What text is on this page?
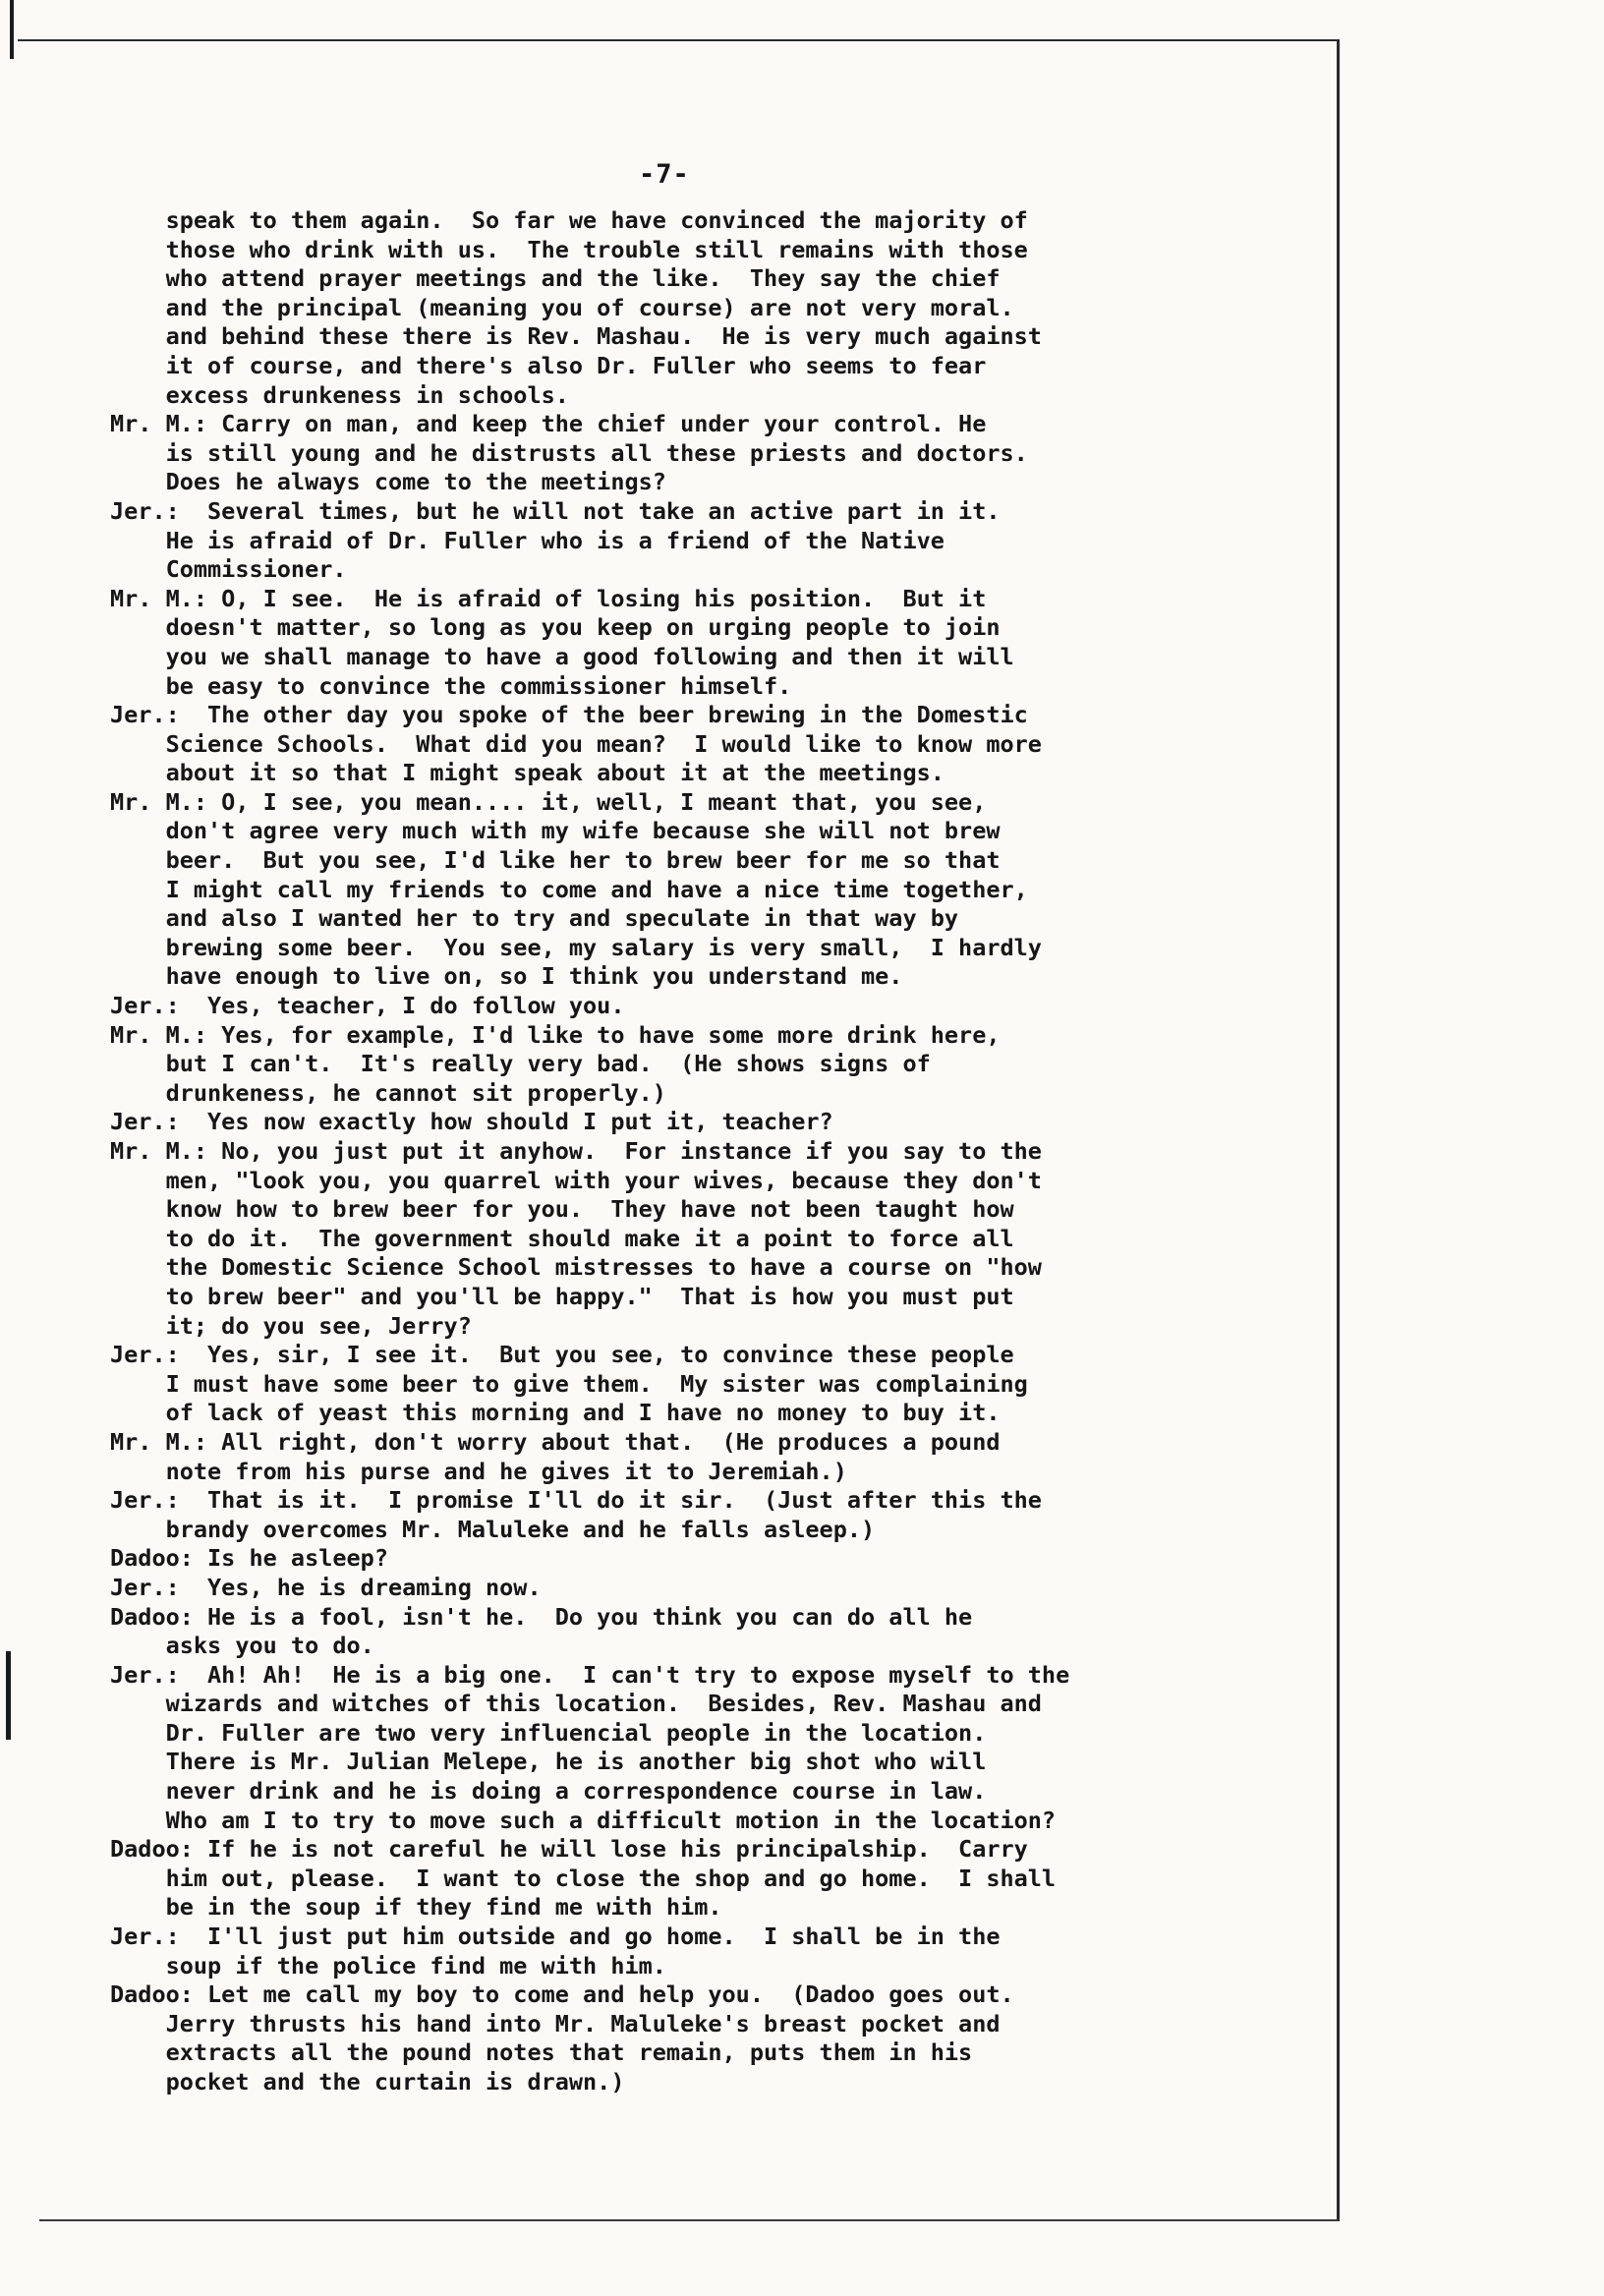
-7-
speak to them again.  So far we have convinced the majority of
those who drink with us.  The trouble still remains with those
who attend prayer meetings and the like.  They say the chief
and the principal (meaning you of course) are not very moral.
and behind these there is Rev. Mashau.  He is very much against
it of course, and there's also Dr. Fuller who seems to fear
excess drunkeness in schools.
Mr. M.: Carry on man, and keep the chief under your control. He
is still young and he distrusts all these priests and doctors.
Does he always come to the meetings?
Jer.:  Several times, but he will not take an active part in it.
He is afraid of Dr. Fuller who is a friend of the Native
Commissioner.
Mr. M.: O, I see.  He is afraid of losing his position.  But it
doesn't matter, so long as you keep on urging people to join
you we shall manage to have a good following and then it will
be easy to convince the commissioner himself.
Jer.:  The other day you spoke of the beer brewing in the Domestic
Science Schools.  What did you mean?  I would like to know more
about it so that I might speak about it at the meetings.
Mr. M.: O, I see, you mean.... it, well, I meant that, you see,
don't agree very much with my wife because she will not brew
beer.  But you see, I'd like her to brew beer for me so that
I might call my friends to come and have a nice time together,
and also I wanted her to try and speculate in that way by
brewing some beer.  You see, my salary is very small,  I hardly
have enough to live on, so I think you understand me.
Jer.:  Yes, teacher, I do follow you.
Mr. M.: Yes, for example, I'd like to have some more drink here,
but I can't.  It's really very bad.  (He shows signs of
drunkeness, he cannot sit properly.)
Jer.:  Yes now exactly how should I put it, teacher?
Mr. M.: No, you just put it anyhow.  For instance if you say to the
men, "look you, you quarrel with your wives, because they don't
know how to brew beer for you.  They have not been taught how
to do it.  The government should make it a point to force all
the Domestic Science School mistresses to have a course on "how
to brew beer" and you'll be happy."  That is how you must put
it; do you see, Jerry?
Jer.:  Yes, sir, I see it.  But you see, to convince these people
I must have some beer to give them.  My sister was complaining
of lack of yeast this morning and I have no money to buy it.
Mr. M.: All right, don't worry about that.  (He produces a pound
note from his purse and he gives it to Jeremiah.)
Jer.:  That is it.  I promise I'll do it sir.  (Just after this the
brandy overcomes Mr. Maluleke and he falls asleep.)
Dadoo: Is he asleep?
Jer.:  Yes, he is dreaming now.
Dadoo: He is a fool, isn't he.  Do you think you can do all he
asks you to do.
Jer.:  Ah! Ah!  He is a big one.  I can't try to expose myself to the
wizards and witches of this location.  Besides, Rev. Mashau and
Dr. Fuller are two very influencial people in the location.
There is Mr. Julian Melepe, he is another big shot who will
never drink and he is doing a correspondence course in law.
Who am I to try to move such a difficult motion in the location?
Dadoo: If he is not careful he will lose his principalship.  Carry
him out, please.  I want to close the shop and go home.  I shall
be in the soup if they find me with him.
Jer.:  I'll just put him outside and go home.  I shall be in the
soup if the police find me with him.
Dadoo: Let me call my boy to come and help you.  (Dadoo goes out.
Jerry thrusts his hand into Mr. Maluleke's breast pocket and
extracts all the pound notes that remain, puts them in his
pocket and the curtain is drawn.)
